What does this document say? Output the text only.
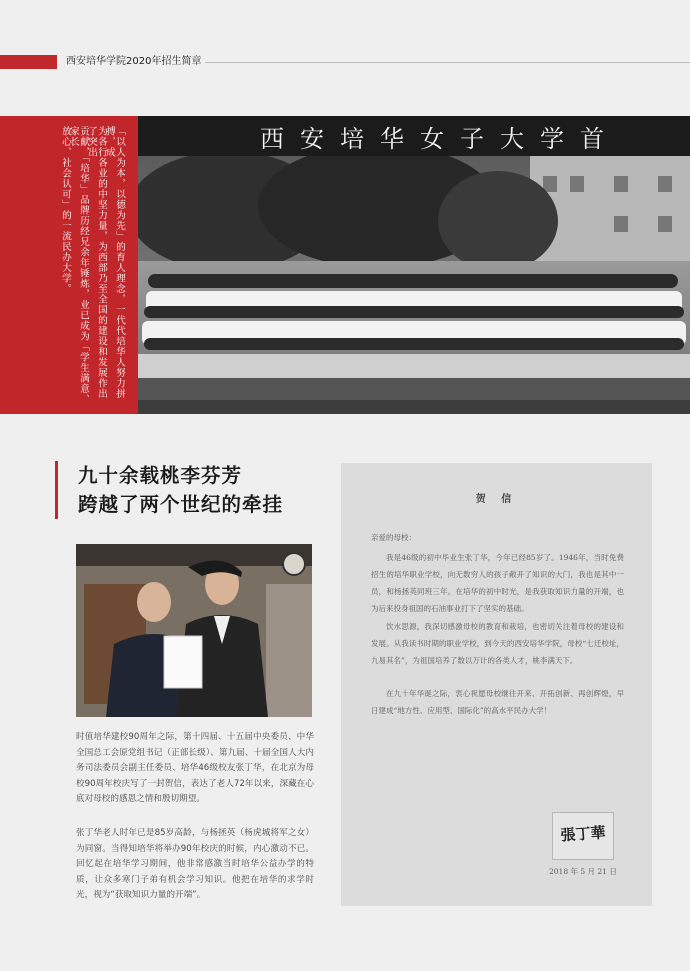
西安培华学院2020年招生简章
「以人为本，以德为先」的育人理念，一代代培华人努力拼搏，成
为各行各业的中坚力量，为西部乃至全国的建设和发展作出了突出
贡献，「培华」品牌历经兄余年锤炼，业已成为「学生满意、家长
放心、社会认可」的一流民办大学。	西安培华女子大学首
九十余载桃李芬芳
跨越了两个世纪的牵挂
时值培华建校90周年之际，第十四届、十五届中央委员、中华全国总工会原党组书记（正部长级）、第九届、十届全国人大内务司法委员会副主任委员、培华46级校友张丁华，在北京为母校90周年校庆写了一封贺信，表达了老人72年以来，深藏在心底对母校的感恩之情和殷切期望。
张丁华老人时年已是85岁高龄，与杨拯英（杨虎城将军之女）为同窗。当得知培华将举办90年校庆的时候，内心激动不已。回忆起在培华学习期间，他非常感激当时培华公益办学的特质，让众多寒门子弟有机会学习知识。他把在培华的求学时光，视为“获取知识力量的开端”。
贺 信
亲爱的母校：
我是46级的初中毕业生张丁华，今年已经85岁了。1946年，当时免费招生的培华职业学校，向无数穷人的孩子敞开了知识的大门，我也是其中一员，和杨拯英同班三年。在培华的初中时光，是我获取知识力量的开端，也为后来投身祖国的石油事业打下了坚实的基础。
饮水思源，我深切感激母校的教育和栽培，也密切关注着母校的建设和发展。从我读书时期的职业学校，到今天的西安培华学院，母校“七迁校址，九易其名”，为祖国培养了数以万计的各类人才，桃李满天下。
在九十年华诞之际，衷心祝愿母校继往开来、开拓创新、再创辉煌，早日建成“地方性、应用型、国际化”的高水平民办大学！
張丁華
2018 年 5 月 21 日
